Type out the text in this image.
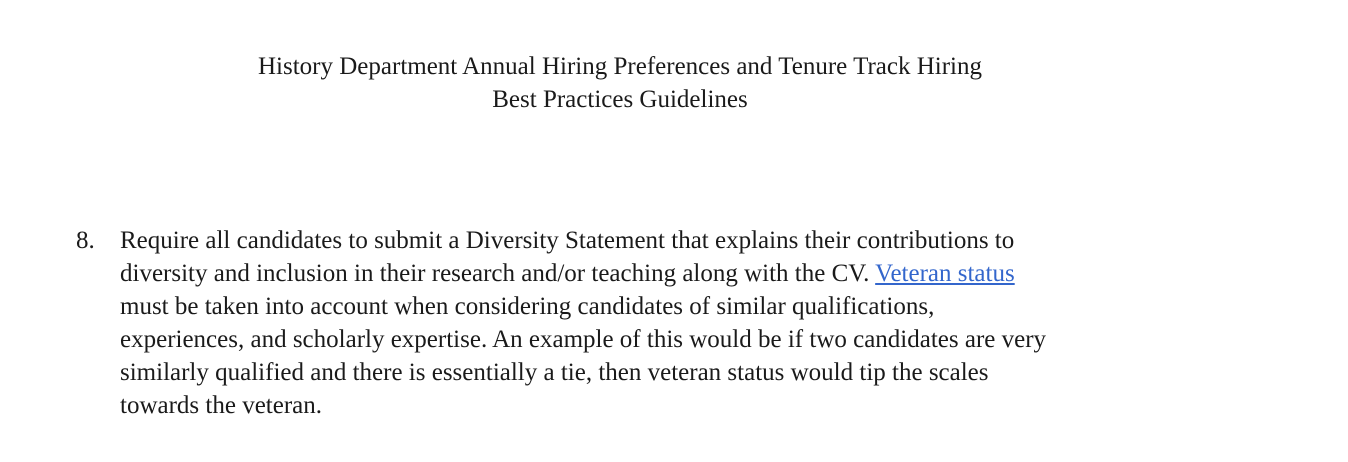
History Department Annual Hiring Preferences and Tenure Track Hiring
Best Practices Guidelines
8. Require all candidates to submit a Diversity Statement that explains their contributions to
diversity and inclusion in their research and/or teaching along with the CV. Veteran status
must be taken into account when considering candidates of similar qualifications,
experiences, and scholarly expertise. An example of this would be if two candidates are very
similarly qualified and there is essentially a tie, then veteran status would tip the scales
towards the veteran.
